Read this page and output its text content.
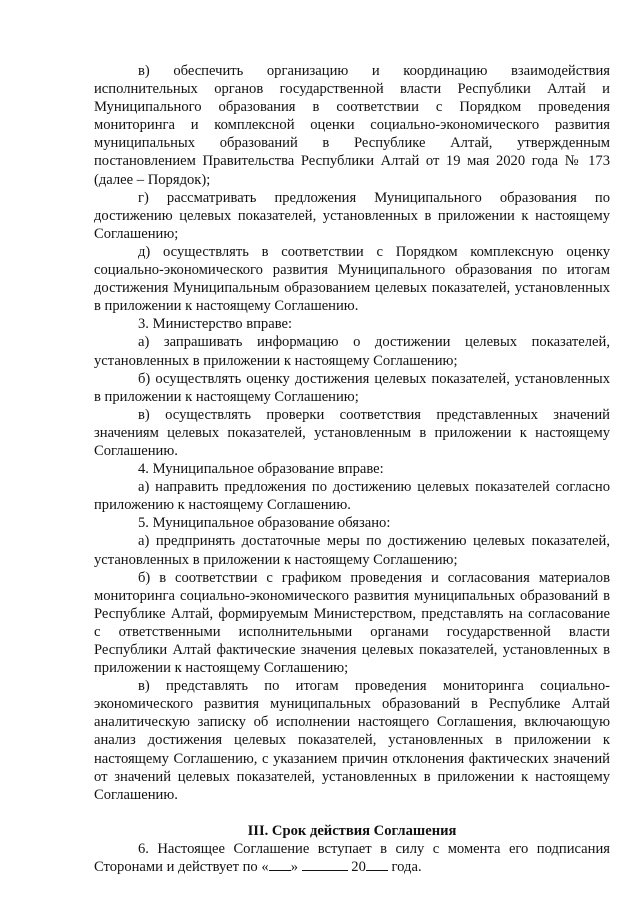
в) обеспечить организацию и координацию взаимодействия исполнительных органов государственной власти Республики Алтай и Муниципального образования в соответствии с Порядком проведения мониторинга и комплексной оценки социально-экономического развития муниципальных образований в Республике Алтай, утвержденным постановлением Правительства Республики Алтай от 19 мая 2020 года № 173 (далее – Порядок);

г) рассматривать предложения Муниципального образования по достижению целевых показателей, установленных в приложении к настоящему Соглашению;

д) осуществлять в соответствии с Порядком комплексную оценку социально-экономического развития Муниципального образования по итогам достижения Муниципальным образованием целевых показателей, установленных в приложении к настоящему Соглашению.

3. Министерство вправе:

а) запрашивать информацию о достижении целевых показателей, установленных в приложении к настоящему Соглашению;

б) осуществлять оценку достижения целевых показателей, установленных в приложении к настоящему Соглашению;

в) осуществлять проверки соответствия представленных значений значениям целевых показателей, установленным в приложении к настоящему Соглашению.

4. Муниципальное образование вправе:

а) направить предложения по достижению целевых показателей согласно приложению к настоящему Соглашению.

5. Муниципальное образование обязано:

а) предпринять достаточные меры по достижению целевых показателей, установленных в приложении к настоящему Соглашению;

б) в соответствии с графиком проведения и согласования материалов мониторинга социально-экономического развития муниципальных образований в Республике Алтай, формируемым Министерством, представлять на согласование с ответственными исполнительными органами государственной власти Республики Алтай фактические значения целевых показателей, установленных в приложении к настоящему Соглашению;

в) представлять по итогам проведения мониторинга социально-экономического развития муниципальных образований в Республике Алтай аналитическую записку об исполнении настоящего Соглашения, включающую анализ достижения целевых показателей, установленных в приложении к настоящему Соглашению, с указанием причин отклонения фактических значений от значений целевых показателей, установленных в приложении к настоящему Соглашению.

III. Срок действия Соглашения

6. Настоящее Соглашение вступает в силу с момента его подписания Сторонами и действует по « »	20 года.
